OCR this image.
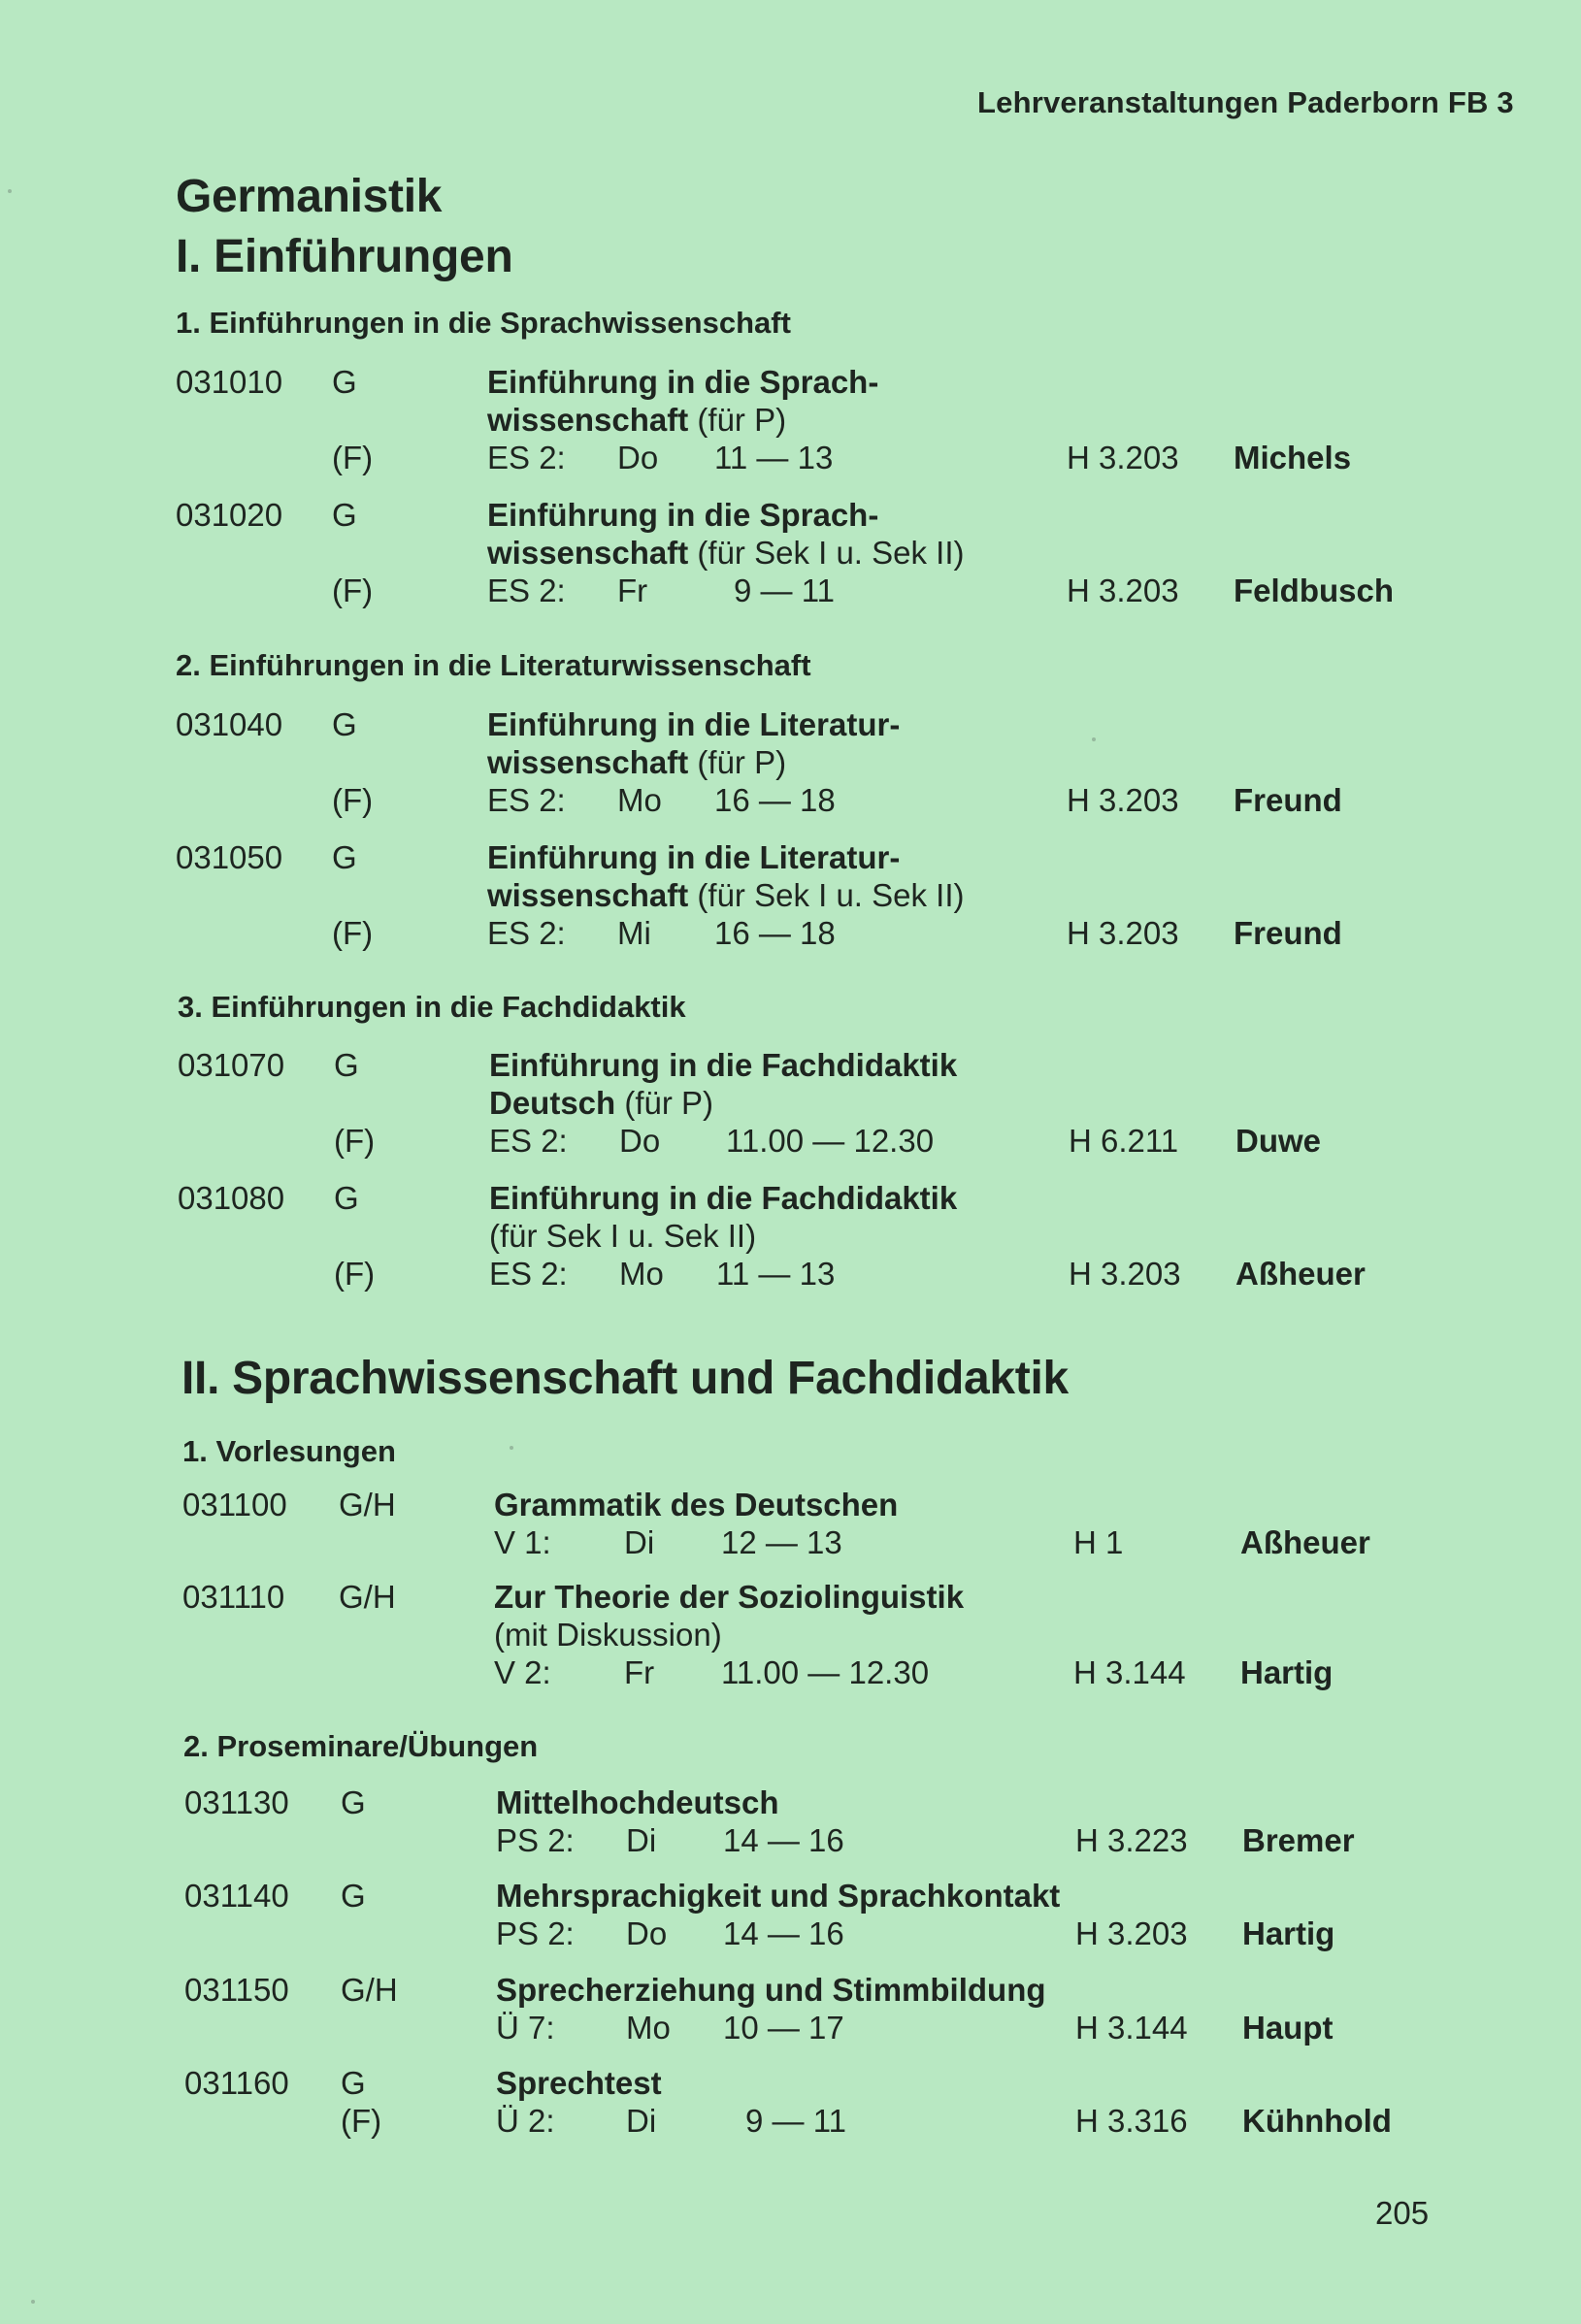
Lehrveranstaltungen Paderborn FB 3
Germanistik
I. Einführungen
1. Einführungen in die Sprachwissenschaft
031010 G	Einführung in die Sprach-
wissenschaft (für P)
(F)	ES 2: Do 11 — 13	H 3.203 Michels
031020 G	Einführung in die Sprach-
wissenschaft (für Sek I u. Sek II)
(F)	ES 2: Fr	9 — 11	H 3.203 Feldbusch
2. Einführungen in die Literaturwissenschaft
031040 G	Einführung in die Literatur-
wissenschaft (für P)
(F)	ES 2: Mo 16 — 18	H 3.203 Freund
031050 G	Einführung in die Literatur-
wissenschaft (für Sek I u. Sek II)
(F)	ES 2: Mi 16 — 18	H 3.203 Freund
3. Einführungen in die Fachdidaktik
031070 G	Einführung in die Fachdidaktik
Deutsch (für P)
(F)	ES 2: Do 11.00 — 12.30	H 6.211 Duwe
031080 G	Einführung in die Fachdidaktik
(für Sek I u. Sek II)
(F)	ES 2: Mo 11 — 13	H 3.203 Aßheuer
II. Sprachwissenschaft und Fachdidaktik
1. Vorlesungen
031100 G/H	Grammatik des Deutschen
V 1: Di 12 — 13	H 1	Aßheuer
031110 G/H	Zur Theorie der Soziolinguistik
(mit Diskussion)
V 2: Fr 11.00 — 12.30	H 3.144 Hartig
2. Proseminare/Übungen
031130 G	Mittelhochdeutsch
PS 2: Di 14 — 16	H 3.223 Bremer
031140 G	Mehrsprachigkeit und Sprachkontakt
PS 2: Do 14 — 16	H 3.203 Hartig
031150 G/H	Sprecherziehung und Stimmbildung
Ü 7: Mo 10 — 17	H 3.144 Haupt
031160 G	Sprechtest
(F)	Ü 2: Di	9 — 11	H 3.316 Kühnhold
205
